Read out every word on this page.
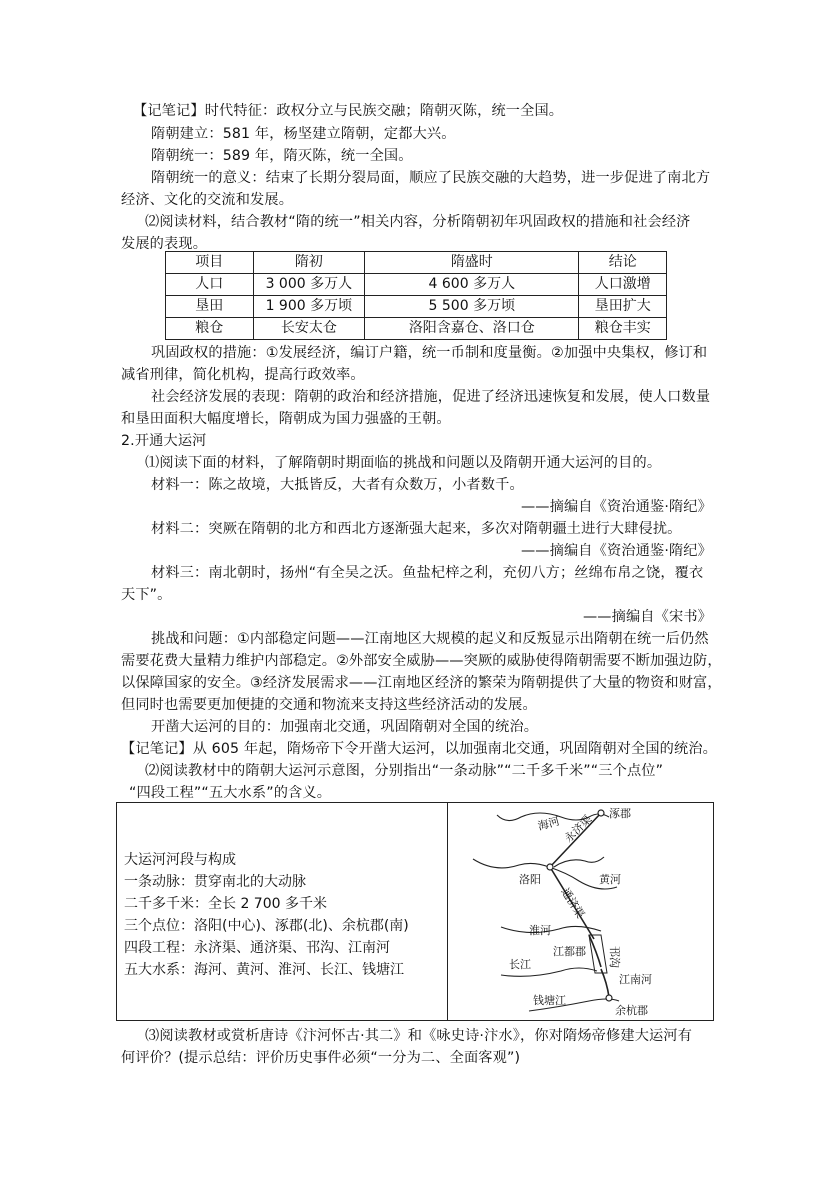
【记笔记】时代特征：政权分立与民族交融；隋朝灭陈，统一全国。
隋朝建立：581 年，杨坚建立隋朝，定都大兴。
隋朝统一：589 年，隋灭陈，统一全国。
隋朝统一的意义：结束了长期分裂局面，顺应了民族交融的大趋势，进一步促进了南北方
经济、文化的交流和发展。
⑵阅读材料，结合教材“隋的统一”相关内容，分析隋朝初年巩固政权的措施和社会经济
发展的表现。
项目	隋初	隋盛时	结论
人口	3 000 多万人	4 600 多万人	人口激增
垦田	1 900 多万顷	5 500 多万顷	垦田扩大
粮仓	长安太仓	洛阳含嘉仓、洛口仓	粮仓丰实
巩固政权的措施：①发展经济，编订户籍，统一币制和度量衡。②加强中央集权，修订和
减省刑律，简化机构，提高行政效率。
社会经济发展的表现：隋朝的政治和经济措施，促进了经济迅速恢复和发展，使人口数量
和垦田面积大幅度增长，隋朝成为国力强盛的王朝。
2.开通大运河
⑴阅读下面的材料，了解隋朝时期面临的挑战和问题以及隋朝开通大运河的目的。
材料一：陈之故境，大抵皆反，大者有众数万，小者数千。
——摘编自《资治通鉴·隋纪》
材料二：突厥在隋朝的北方和西北方逐渐强大起来，多次对隋朝疆土进行大肆侵扰。
——摘编自《资治通鉴·隋纪》
材料三：南北朝时，扬州“有全吴之沃。鱼盐杞梓之利，充仞八方；丝绵布帛之饶，覆衣
天下”。
——摘编自《宋书》
挑战和问题：①内部稳定问题——江南地区大规模的起义和反叛显示出隋朝在统一后仍然
需要花费大量精力维护内部稳定。②外部安全威胁——突厥的威胁使得隋朝需要不断加强边防，
以保障国家的安全。③经济发展需求——江南地区经济的繁荣为隋朝提供了大量的物资和财富，
但同时也需要更加便捷的交通和物流来支持这些经济活动的发展。
开凿大运河的目的：加强南北交通，巩固隋朝对全国的统治。
【记笔记】从 605 年起，隋炀帝下令开凿大运河，以加强南北交通，巩固隋朝对全国的统治。
⑵阅读教材中的隋朝大运河示意图，分别指出“一条动脉”“二千多千米”“三个点位”
“四段工程”“五大水系”的含义。
大运河河段与构成
一条动脉：贯穿南北的大动脉
二千多千米：全长 2 700 多千米
三个点位：洛阳(中心)、涿郡(北)、余杭郡(南)
四段工程：永济渠、通济渠、邗沟、江南河
五大水系：海河、黄河、淮河、长江、钱塘江
涿郡
海河 永济渠
洛阳	黄河
通济渠
淮河
长江
江都郡 邗沟
江南河
钱塘江
余杭郡
⑶阅读教材或赏析唐诗《汴河怀古·其二》和《咏史诗·汴水》，你对隋炀帝修建大运河有
何评价？(提示总结：评价历史事件必须“一分为二、全面客观”)
